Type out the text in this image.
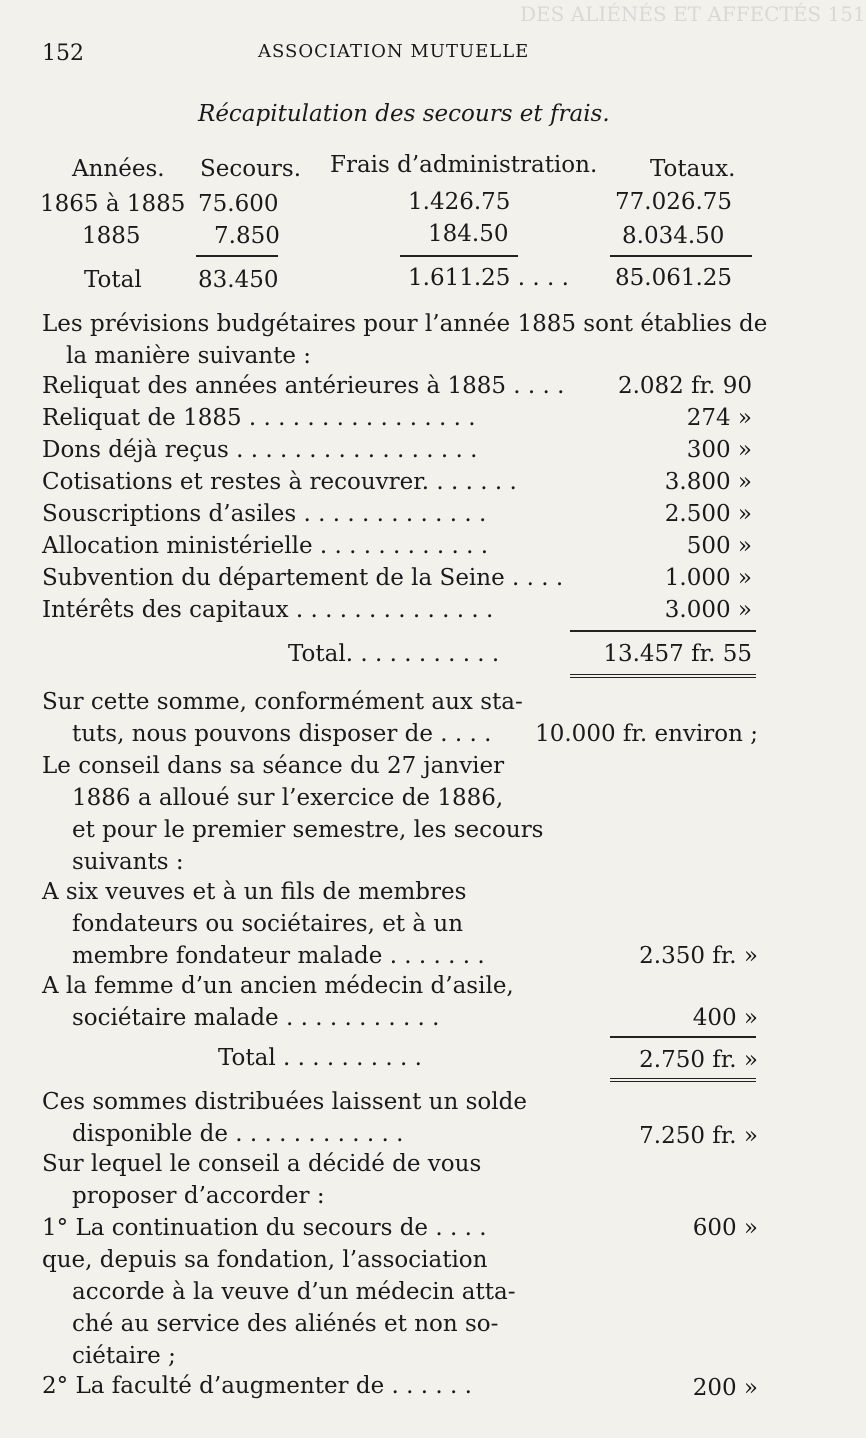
DES ALIÉNÉS ET AFFECTÉS 151
152	ASSOCIATION MUTUELLE
Récapitulation des secours et frais.
Années. Secours. Frais d’administration. Totaux.
1865 à 1885 75.600	1.426.75	77.026.75
1885	7.850	184.50	8.034.50
Total 83.450	1.611.25 . . . . 85.061.25
Les prévisions budgétaires pour l’année 1885 sont établies de
la manière suivante :
Reliquat des années antérieures à 1885 . . . . 2.082 fr. 90
Reliquat de 1885 . . . . . . . . . . . . . . . .	274 »
Dons déjà reçus . . . . . . . . . . . . . . . . .	300 »
Cotisations et restes à recouvrer. . . . . . .	3.800 »
Souscriptions d’asiles . . . . . . . . . . . . .	2.500 »
Allocation ministérielle . . . . . . . . . . . .	500 »
Subvention du département de la Seine . . . .	1.000 »
Intérêts des capitaux . . . . . . . . . . . . . .	3.000 »
Total. . . . . . . . . . .	13.457 fr. 55
Sur cette somme, conformément aux sta-
tuts, nous pouvons disposer de . . . . 10.000 fr. environ ;
Le conseil dans sa séance du 27 janvier
1886 a alloué sur l’exercice de 1886,
et pour le premier semestre, les secours
suivants :
A six veuves et à un fils de membres
fondateurs ou sociétaires, et à un
membre fondateur malade . . . . . . .	2.350 fr. »
A la femme d’un ancien médecin d’asile,
sociétaire malade . . . . . . . . . . .	400 »
Total . . . . . . . . . .	2.750 fr. »
Ces sommes distribuées laissent un solde
disponible de . . . . . . . . . . . .	7.250 fr. »
Sur lequel le conseil a décidé de vous
proposer d’accorder :
1° La continuation du secours de . . . .	600 »
que, depuis sa fondation, l’association
accorde à la veuve d’un médecin atta-
ché au service des aliénés et non so-
ciétaire ;
2° La faculté d’augmenter de . . . . . .	200 »
